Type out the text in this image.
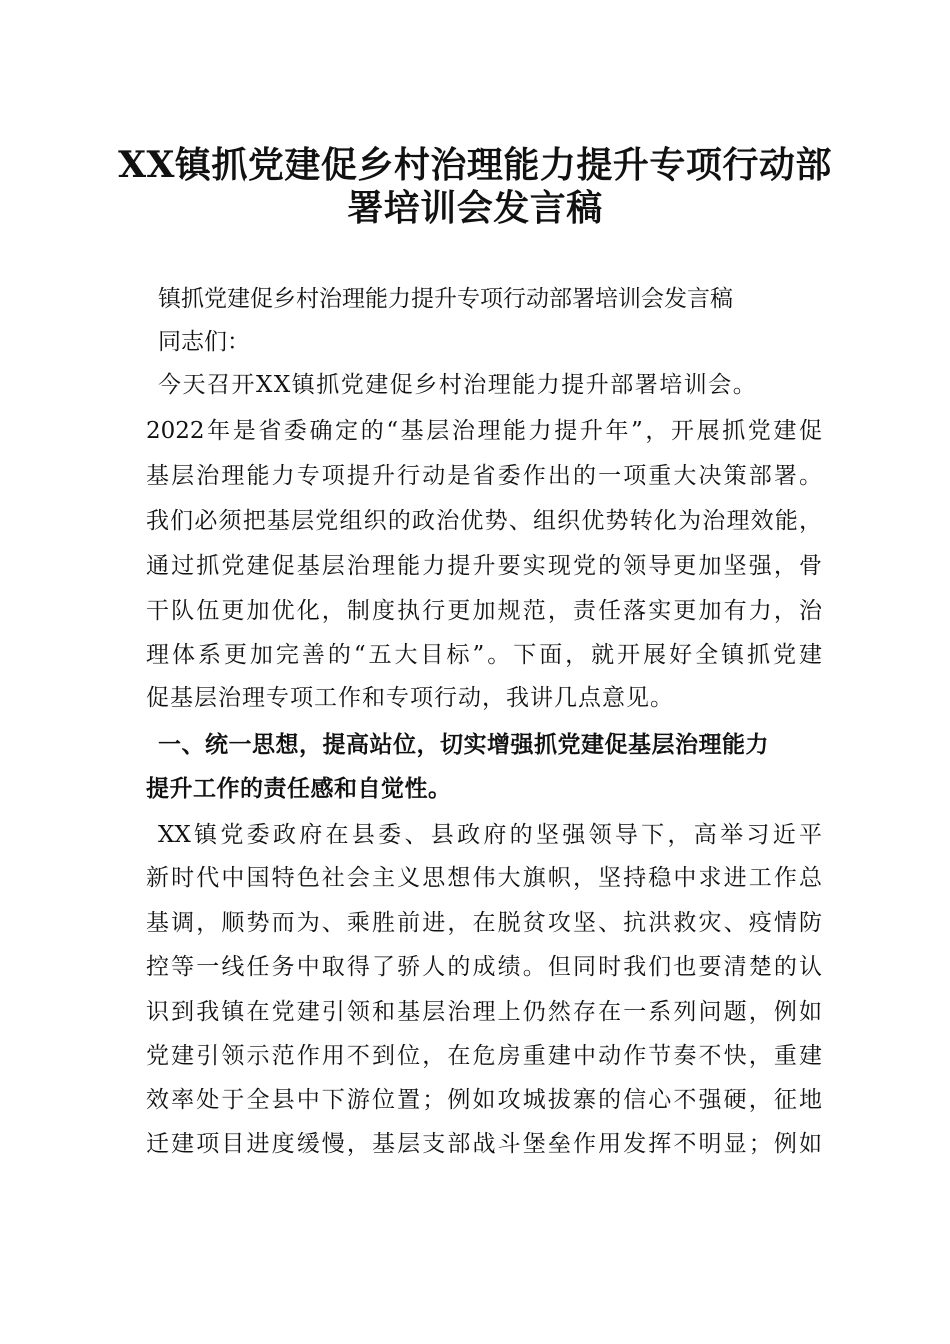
XX镇抓党建促乡村治理能力提升专项行动部
署培训会发言稿

镇抓党建促乡村治理能力提升专项行动部署培训会发言稿

同志们：

今天召开XX镇抓党建促乡村治理能力提升部署培训会。

2022年是省委确定的“基层治理能力提升年”，开展抓党建促

基层治理能力专项提升行动是省委作出的一项重大决策部署。

我们必须把基层党组织的政治优势、组织优势转化为治理效能，

通过抓党建促基层治理能力提升要实现党的领导更加坚强，骨

干队伍更加优化，制度执行更加规范，责任落实更加有力，治

理体系更加完善的“五大目标”。下面，就开展好全镇抓党建

促基层治理专项工作和专项行动，我讲几点意见。

一、统一思想，提高站位，切实增强抓党建促基层治理能力

提升工作的责任感和自觉性。

XX镇党委政府在县委、县政府的坚强领导下，高举习近平

新时代中国特色社会主义思想伟大旗帜，坚持稳中求进工作总

基调，顺势而为、乘胜前进，在脱贫攻坚、抗洪救灾、疫情防

控等一线任务中取得了骄人的成绩。但同时我们也要清楚的认

识到我镇在党建引领和基层治理上仍然存在一系列问题，例如

党建引领示范作用不到位，在危房重建中动作节奏不快，重建

效率处于全县中下游位置；例如攻城拔寨的信心不强硬，征地

迁建项目进度缓慢，基层支部战斗堡垒作用发挥不明显；例如
